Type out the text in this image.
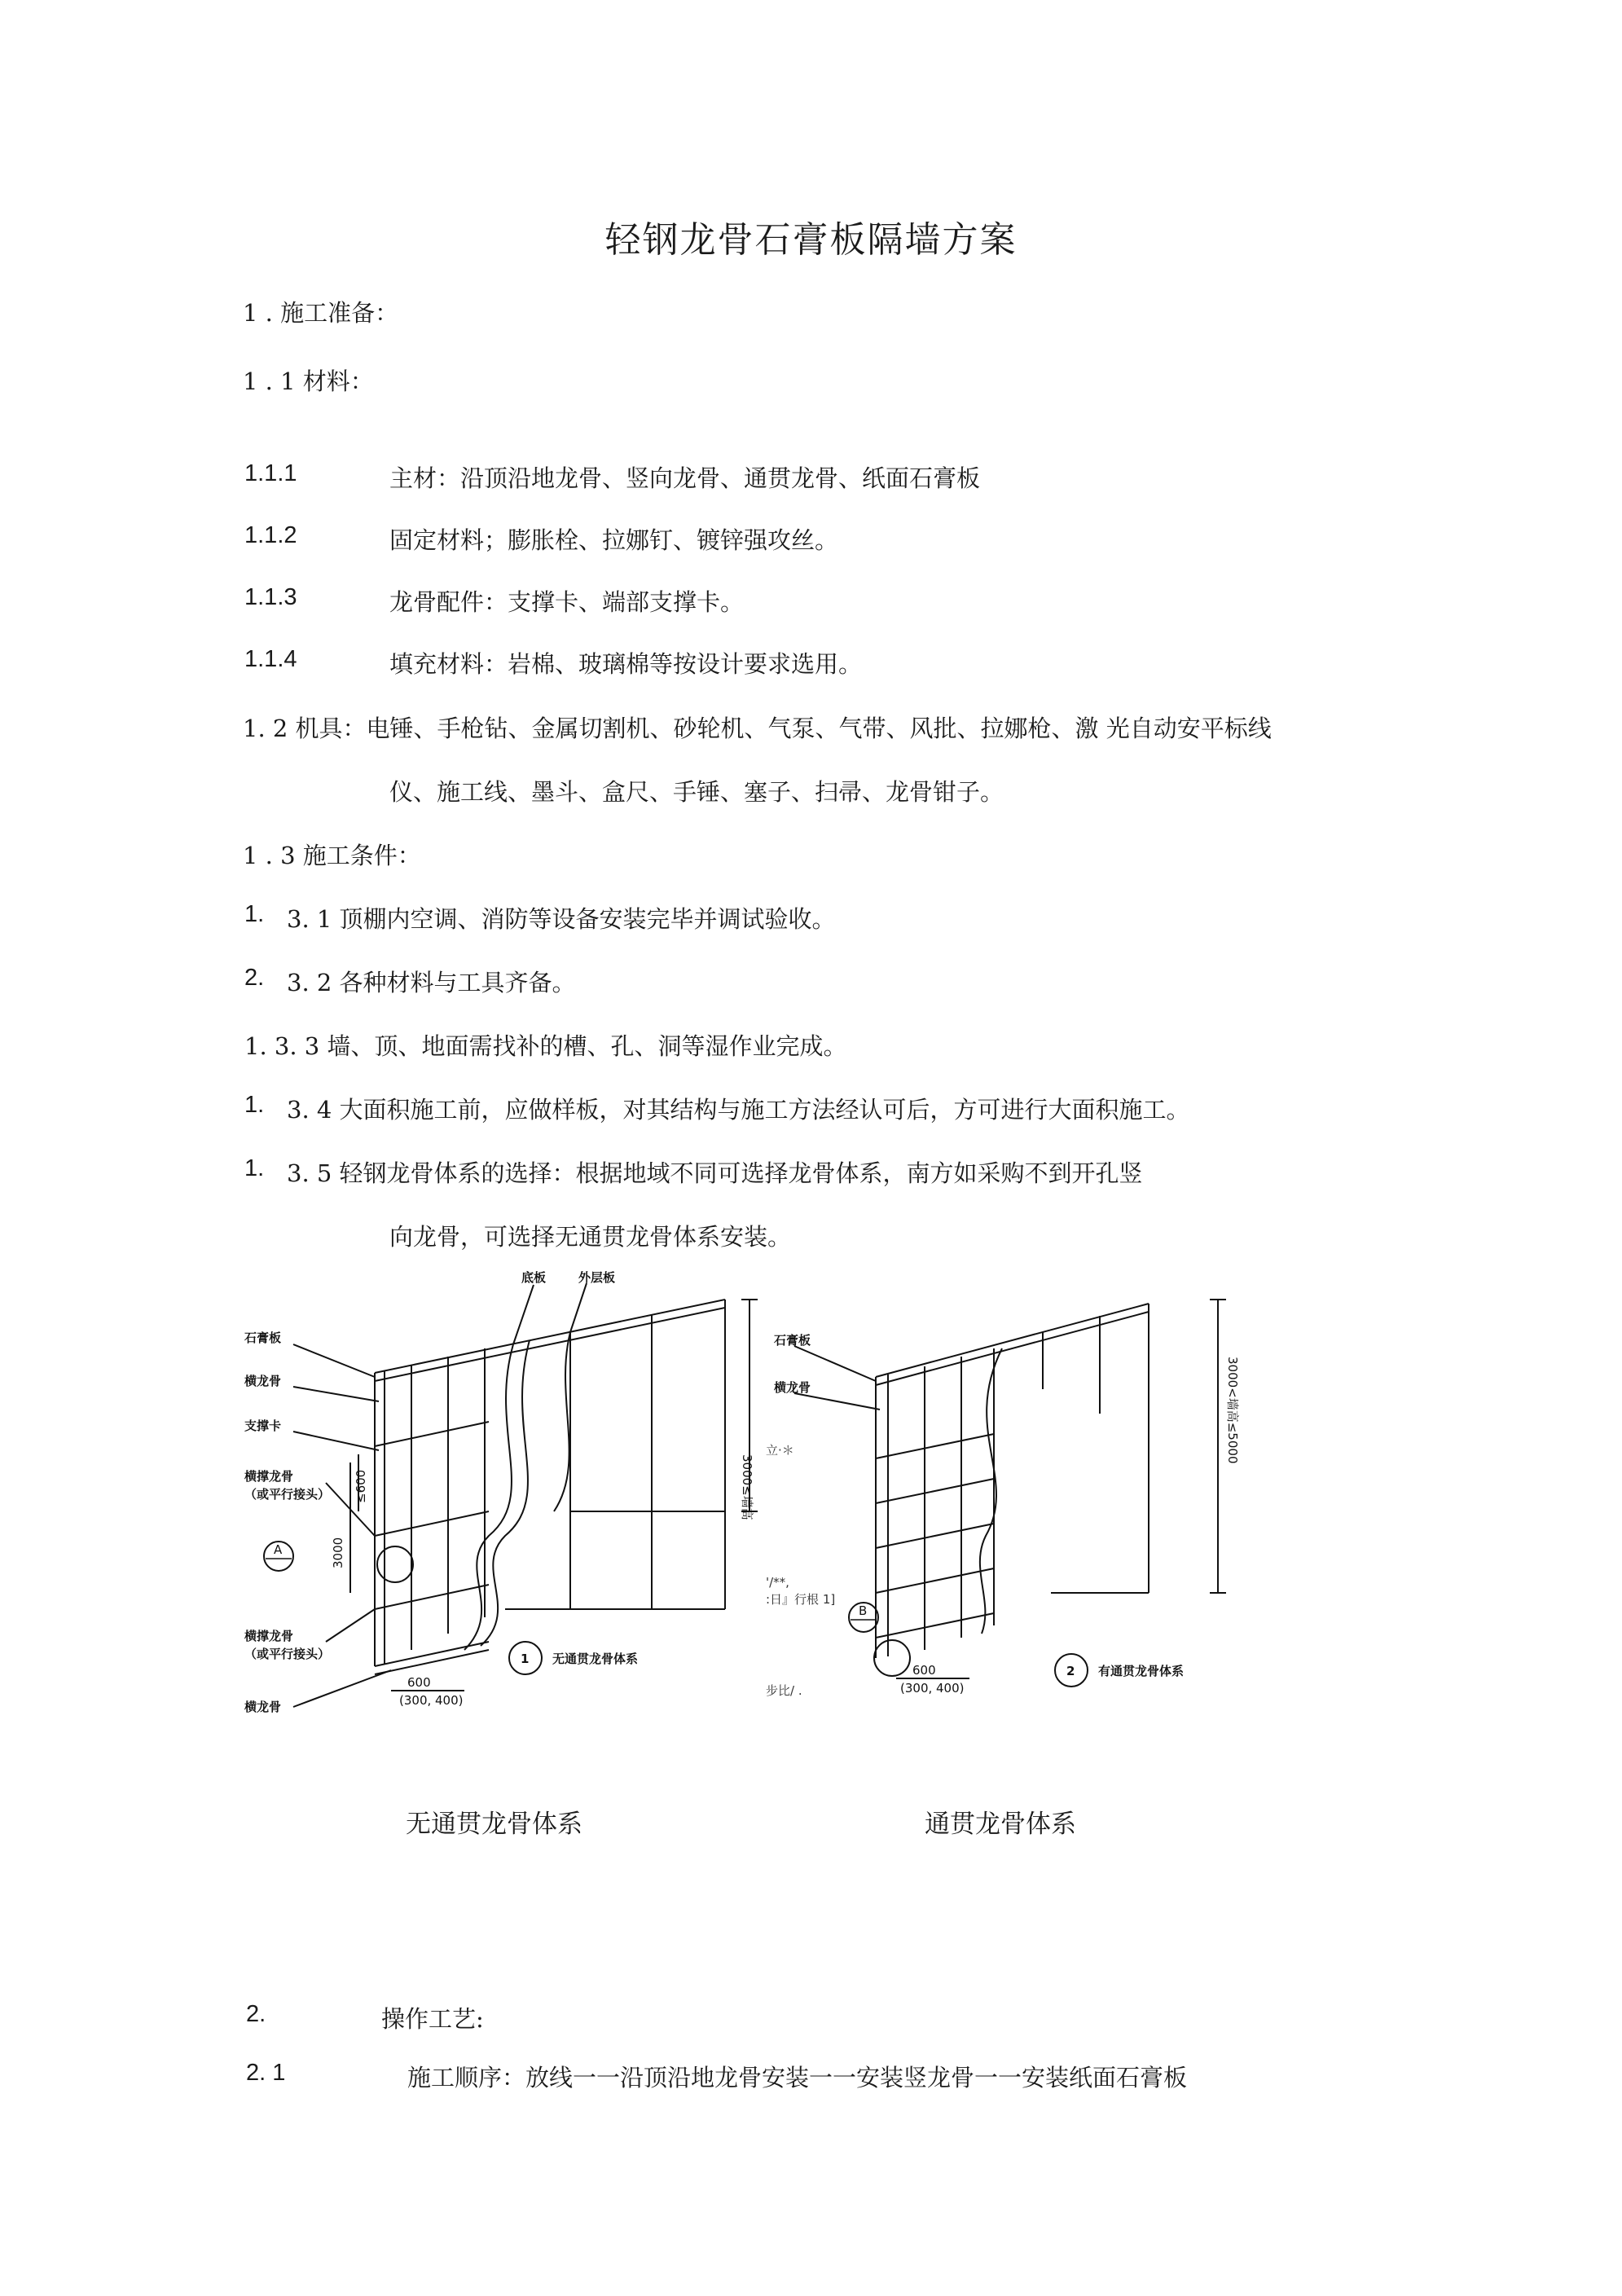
轻钢龙骨石膏板隔墙方案
1 . 施工准备：
1 . 1 材料：
1.1.1	主材：沿顶沿地龙骨、竖向龙骨、通贯龙骨、纸面石膏板
1.1.2	固定材料；膨胀栓、拉娜钉、镀锌强攻丝。
1.1.3	龙骨配件：支撑卡、端部支撑卡。
1.1.4	填充材料：岩棉、玻璃棉等按设计要求选用。
1. 2 机具：电锤、手枪钻、金属切割机、砂轮机、气泵、气带、风批、拉娜枪、激 光自动安平标线
仪、施工线、墨斗、盒尺、手锤、塞子、扫帚、龙骨钳子。
1 . 3 施工条件：
1. 3. 1 顶棚内空调、消防等设备安装完毕并调试验收。
2. 3. 2 各种材料与工具齐备。
1. 3. 3 墙、顶、地面需找补的槽、孔、洞等湿作业完成。
1. 3. 4 大面积施工前，应做样板，对其结构与施工方法经认可后，方可进行大面积施工。
1. 3. 5 轻钢龙骨体系的选择：根据地域不同可选择龙骨体系，南方如采购不到开孔竖
向龙骨，可选择无通贯龙骨体系安装。
石膏板
横龙骨
支撑卡
横撑龙骨
（或平行接头）
横撑龙骨
（或平行接头）
横龙骨
底板	外层板
≤600
3000
600
(300, 400)
3000≤墙高
A
1 无通贯龙骨体系
石膏板
横龙骨	3000<墙高≤5000
600
(300, 400)
B
2 有通贯龙骨体系
立·＊
'/**,
:日』行根 1]
步比/ .
无通贯龙骨体系	通贯龙骨体系
2.	操作工艺:
2. 1	施工顺序：放线一一沿顶沿地龙骨安装一一安装竖龙骨一一安装纸面石膏板
